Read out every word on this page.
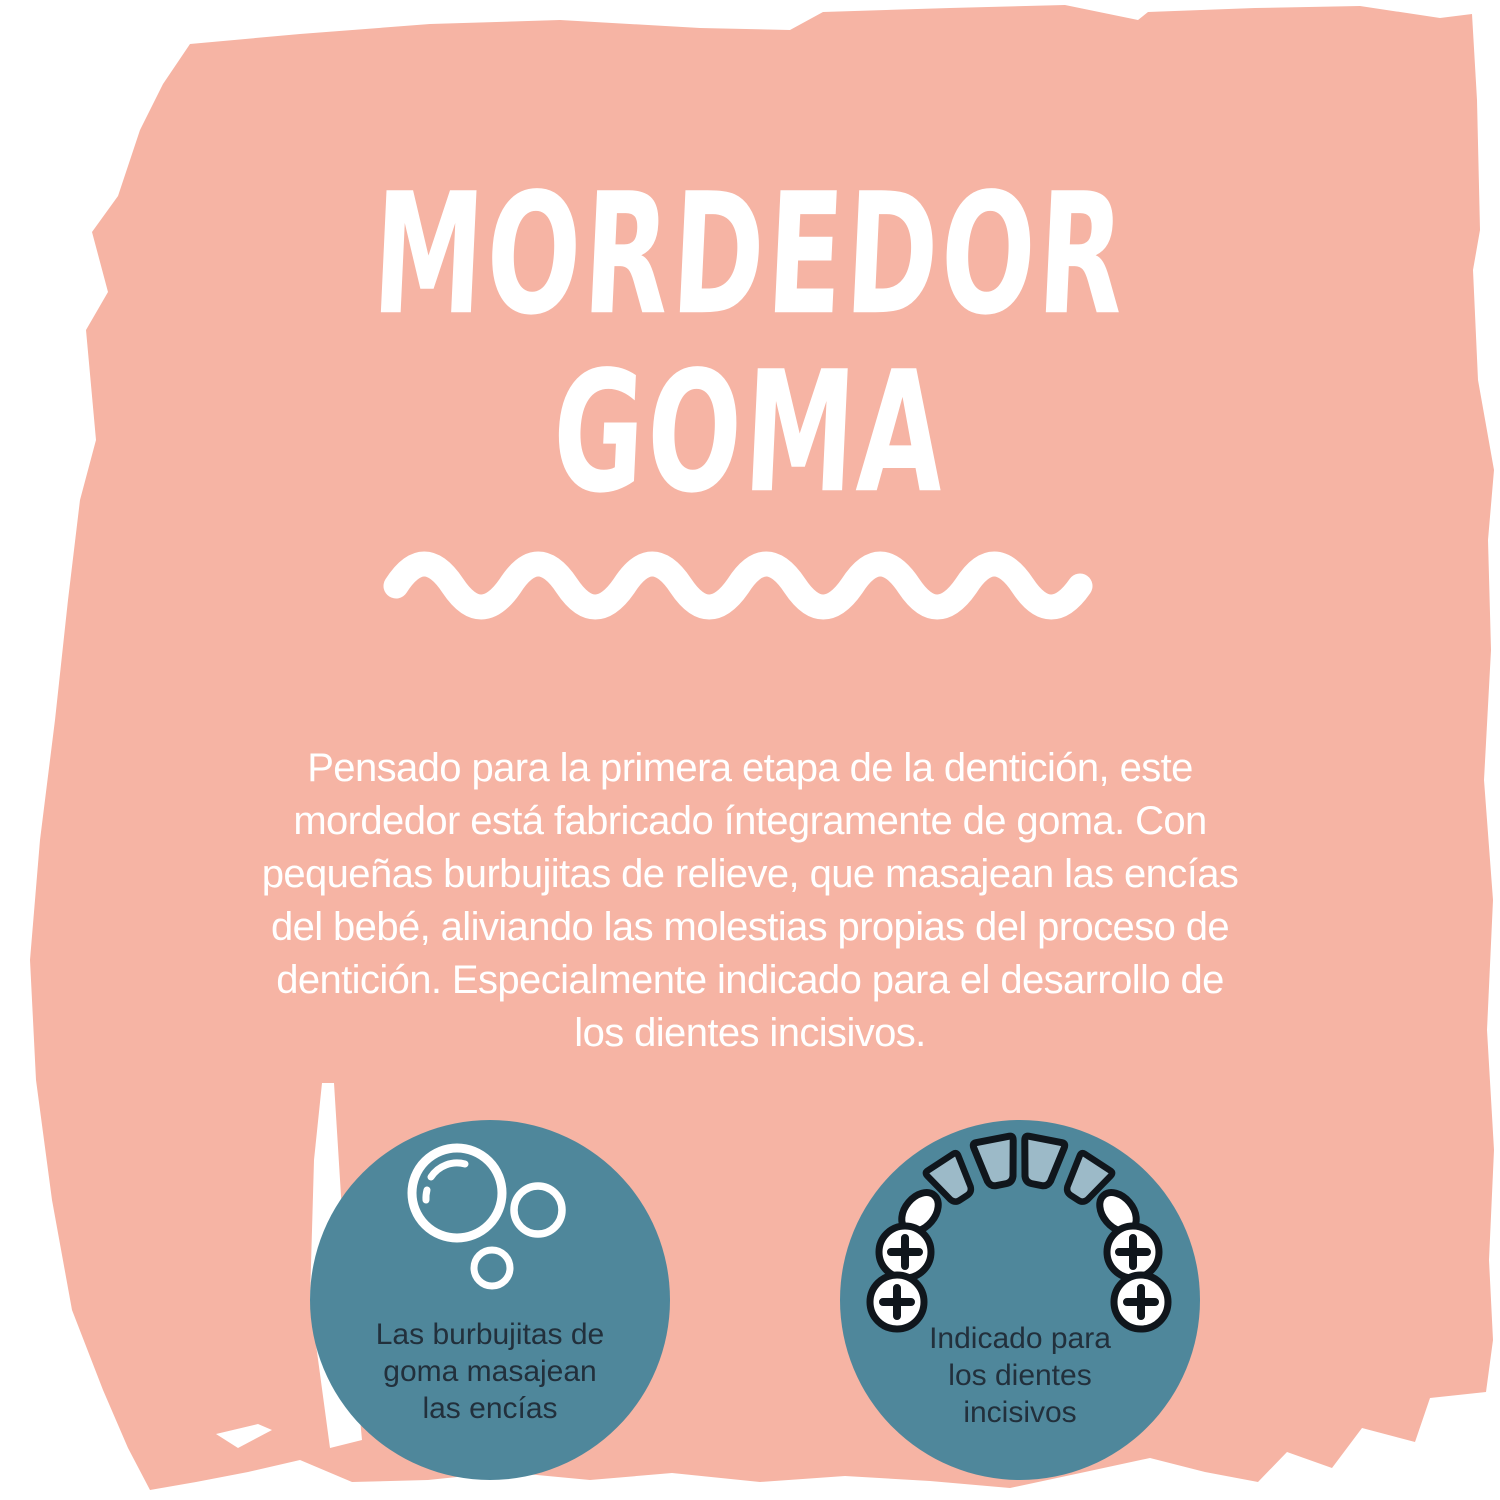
MORDEDOR
GOMA
Pensado para la primera etapa de la dentición, este
mordedor está fabricado íntegramente de goma. Con
pequeñas burbujitas de relieve, que masajean las encías
del bebé, aliviando las molestias propias del proceso de
dentición. Especialmente indicado para el desarrollo de
los dientes incisivos.
Las burbujitas de
goma masajean
las encías
Indicado para
los dientes
incisivos
